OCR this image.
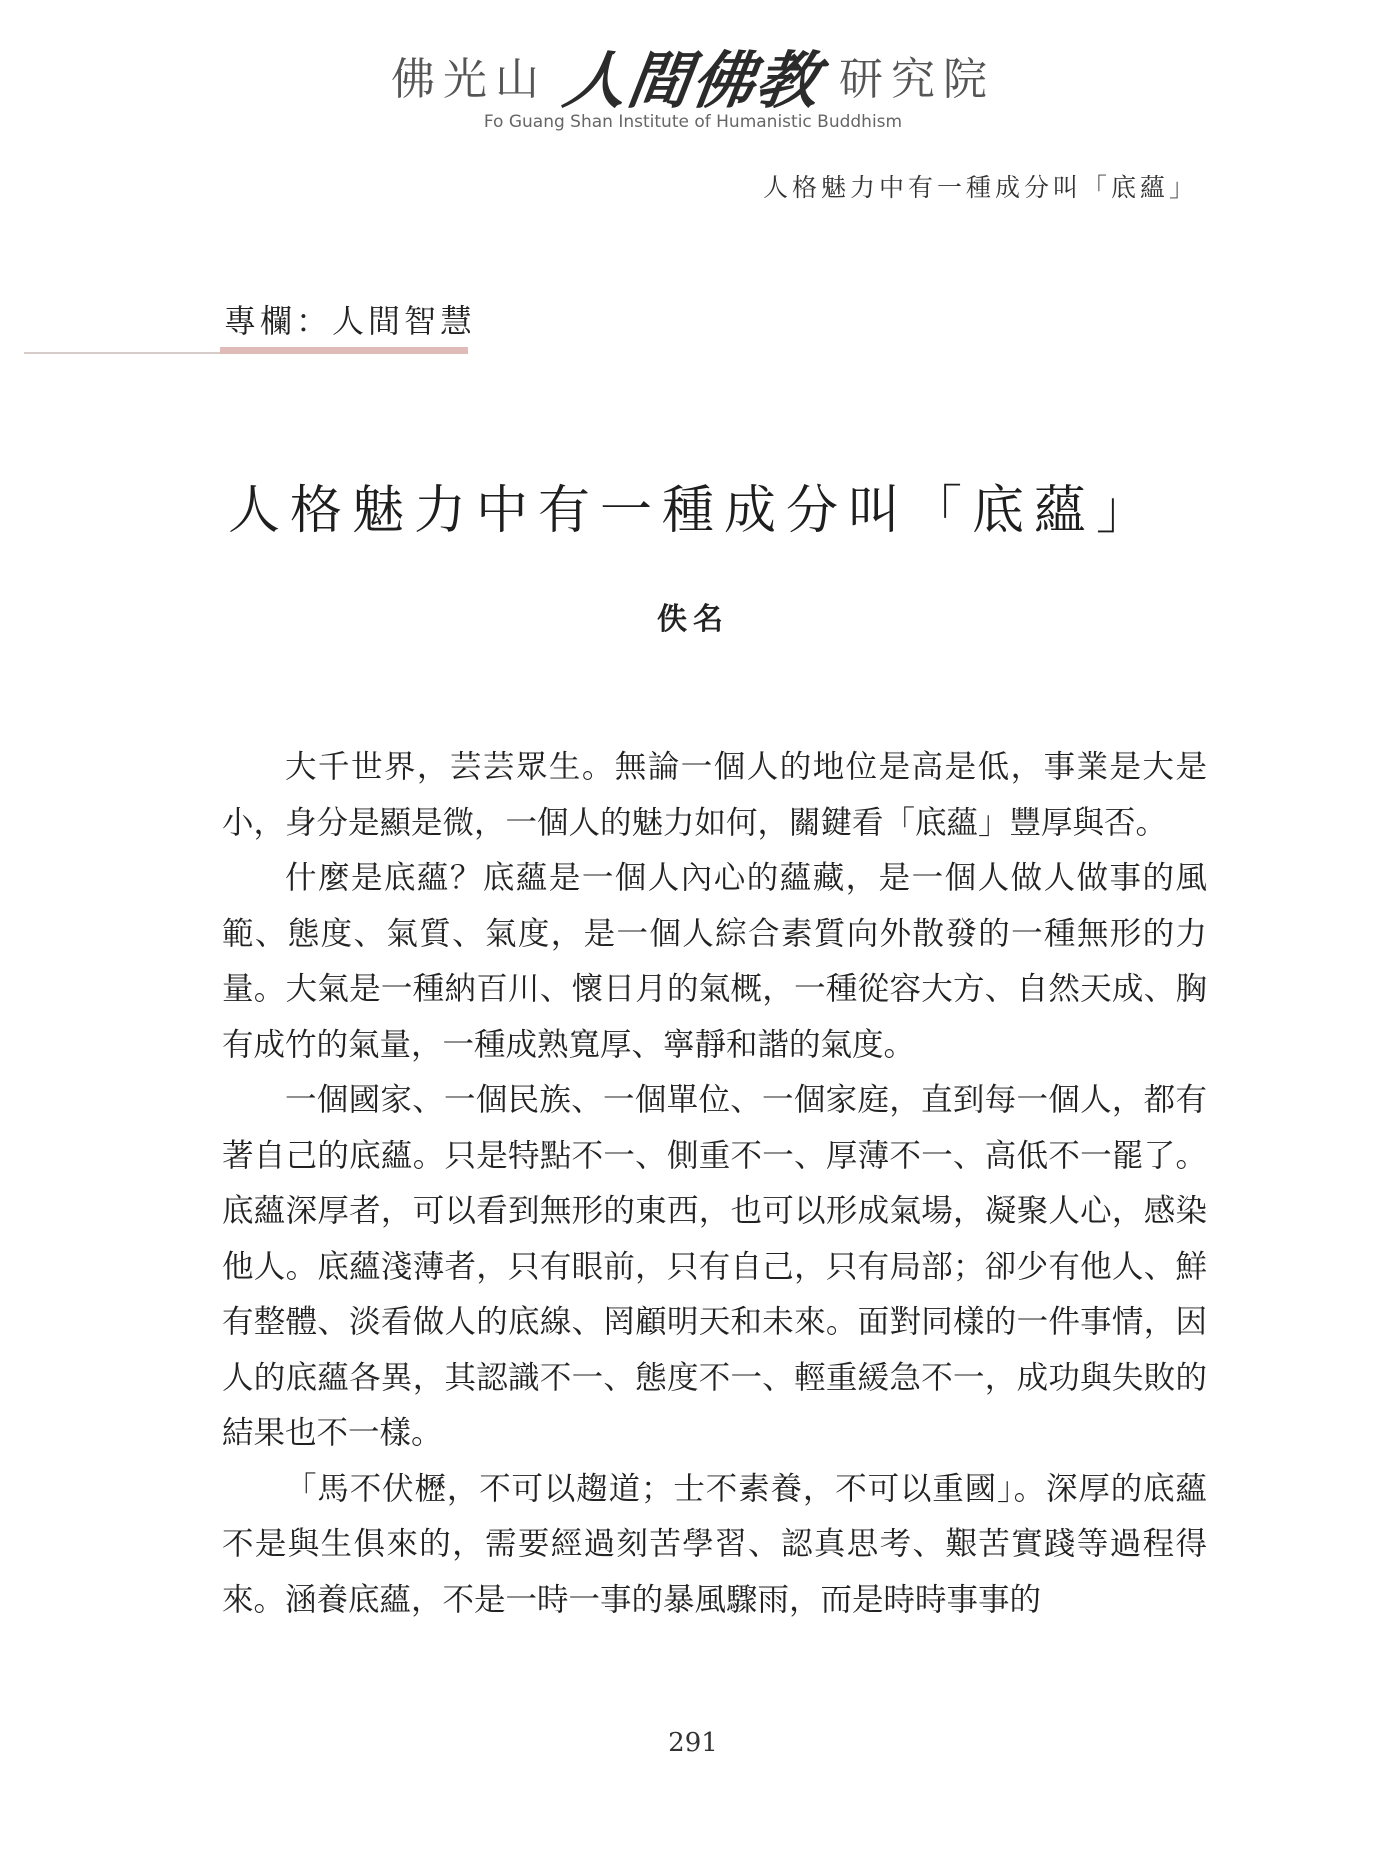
佛光山 人間佛教 研究院
Fo Guang Shan Institute of Humanistic Buddhism
人格魅力中有一種成分叫「底蘊」
專欄：人間智慧
人格魅力中有一種成分叫「底蘊」
佚名

大千世界，芸芸眾生。無論一個人的地位是高是低，事業是大是小，身分是顯是微，一個人的魅力如何，關鍵看「底蘊」豐厚與否。

什麼是底蘊？底蘊是一個人內心的蘊藏，是一個人做人做事的風範、態度、氣質、氣度，是一個人綜合素質向外散發的一種無形的力量。大氣是一種納百川、懷日月的氣概，一種從容大方、自然天成、胸有成竹的氣量，一種成熟寬厚、寧靜和諧的氣度。

一個國家、一個民族、一個單位、一個家庭，直到每一個人，都有著自己的底蘊。只是特點不一、側重不一、厚薄不一、高低不一罷了。底蘊深厚者，可以看到無形的東西，也可以形成氣場，凝聚人心，感染他人。底蘊淺薄者，只有眼前，只有自己，只有局部；卻少有他人、鮮有整體、淡看做人的底線、罔顧明天和未來。面對同樣的一件事情，因人的底蘊各異，其認識不一、態度不一、輕重緩急不一，成功與失敗的結果也不一樣。

「馬不伏櫪，不可以趨道；士不素養，不可以重國」。深厚的底蘊不是與生俱來的，需要經過刻苦學習、認真思考、艱苦實踐等過程得來。涵養底蘊，不是一時一事的暴風驟雨，而是時時事事的

291
